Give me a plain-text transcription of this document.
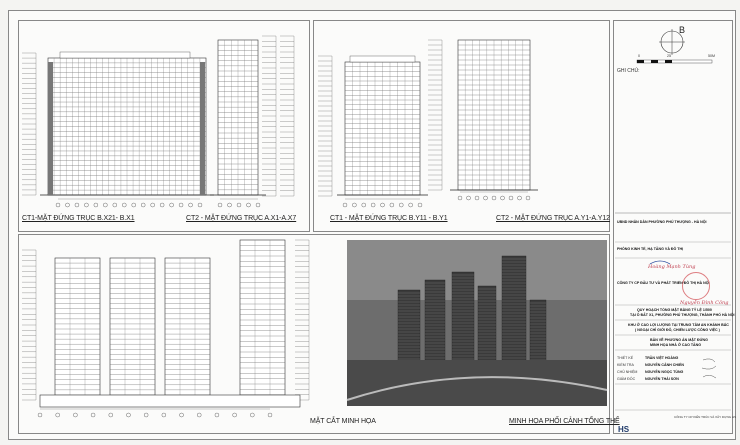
CT1-MẶT ĐỨNG TRỤC B.X21- B.X1	CT2 - MẶT ĐỨNG TRỤC A.X1-A.X7	CT1 - MẶT ĐỨNG TRỤC B.Y11 - B.Y1	CT2 - MẶT ĐỨNG TRỤC A.Y1-A.Y12
MẶT CẮT MINH HỌA	MINH HỌA PHỐI CẢNH TỔNG THỂ
B
0	25	50M
GHI CHÚ:
UBND NHÂN DÂN PHƯỜNG PHÚ THƯỢNG - HÀ NỘI
PHÒNG KINH TẾ, HẠ TẦNG VÀ ĐÔ THỊ
Hoàng Mạnh Tùng
CÔNG TY CP ĐẦU TƯ VÀ PHÁT TRIỂN ĐÔ THỊ HÀ NỘI
Nguyễn Đình Công
QUY HOẠCH TỔNG MẶT BẰNG TỶ LỆ 1/500
TẠI Ô ĐẤT X1, PHƯỜNG PHÚ THƯỢNG, THÀNH PHỐ HÀ NỘI
KHU Ở CAO LỢI LƯỢNG TẠI TRUNG TÂM AN KHÁNH BẮC
( NGOẠI CHỈ GIỚI ĐỎ, CHIẾN LƯỢC CÔNG VIỆC )
BẢN VẼ PHƯƠNG ÁN MẶT ĐỨNG
MINH HỌA NHÀ Ở CAO TẦNG
THIẾT KẾ	TRẦN VIỆT HOÀNG
KIỂM TRA	NGUYỄN CẢNH CHIẾN
CHỦ NHIỆM NGUYỄN NGỌC TÙNG
GIÁM ĐỐC	NGUYỄN THÁI SƠN
HS
CÔNG TY CP KIẾN TRÚC VÀ XÂY DỰNG HS
